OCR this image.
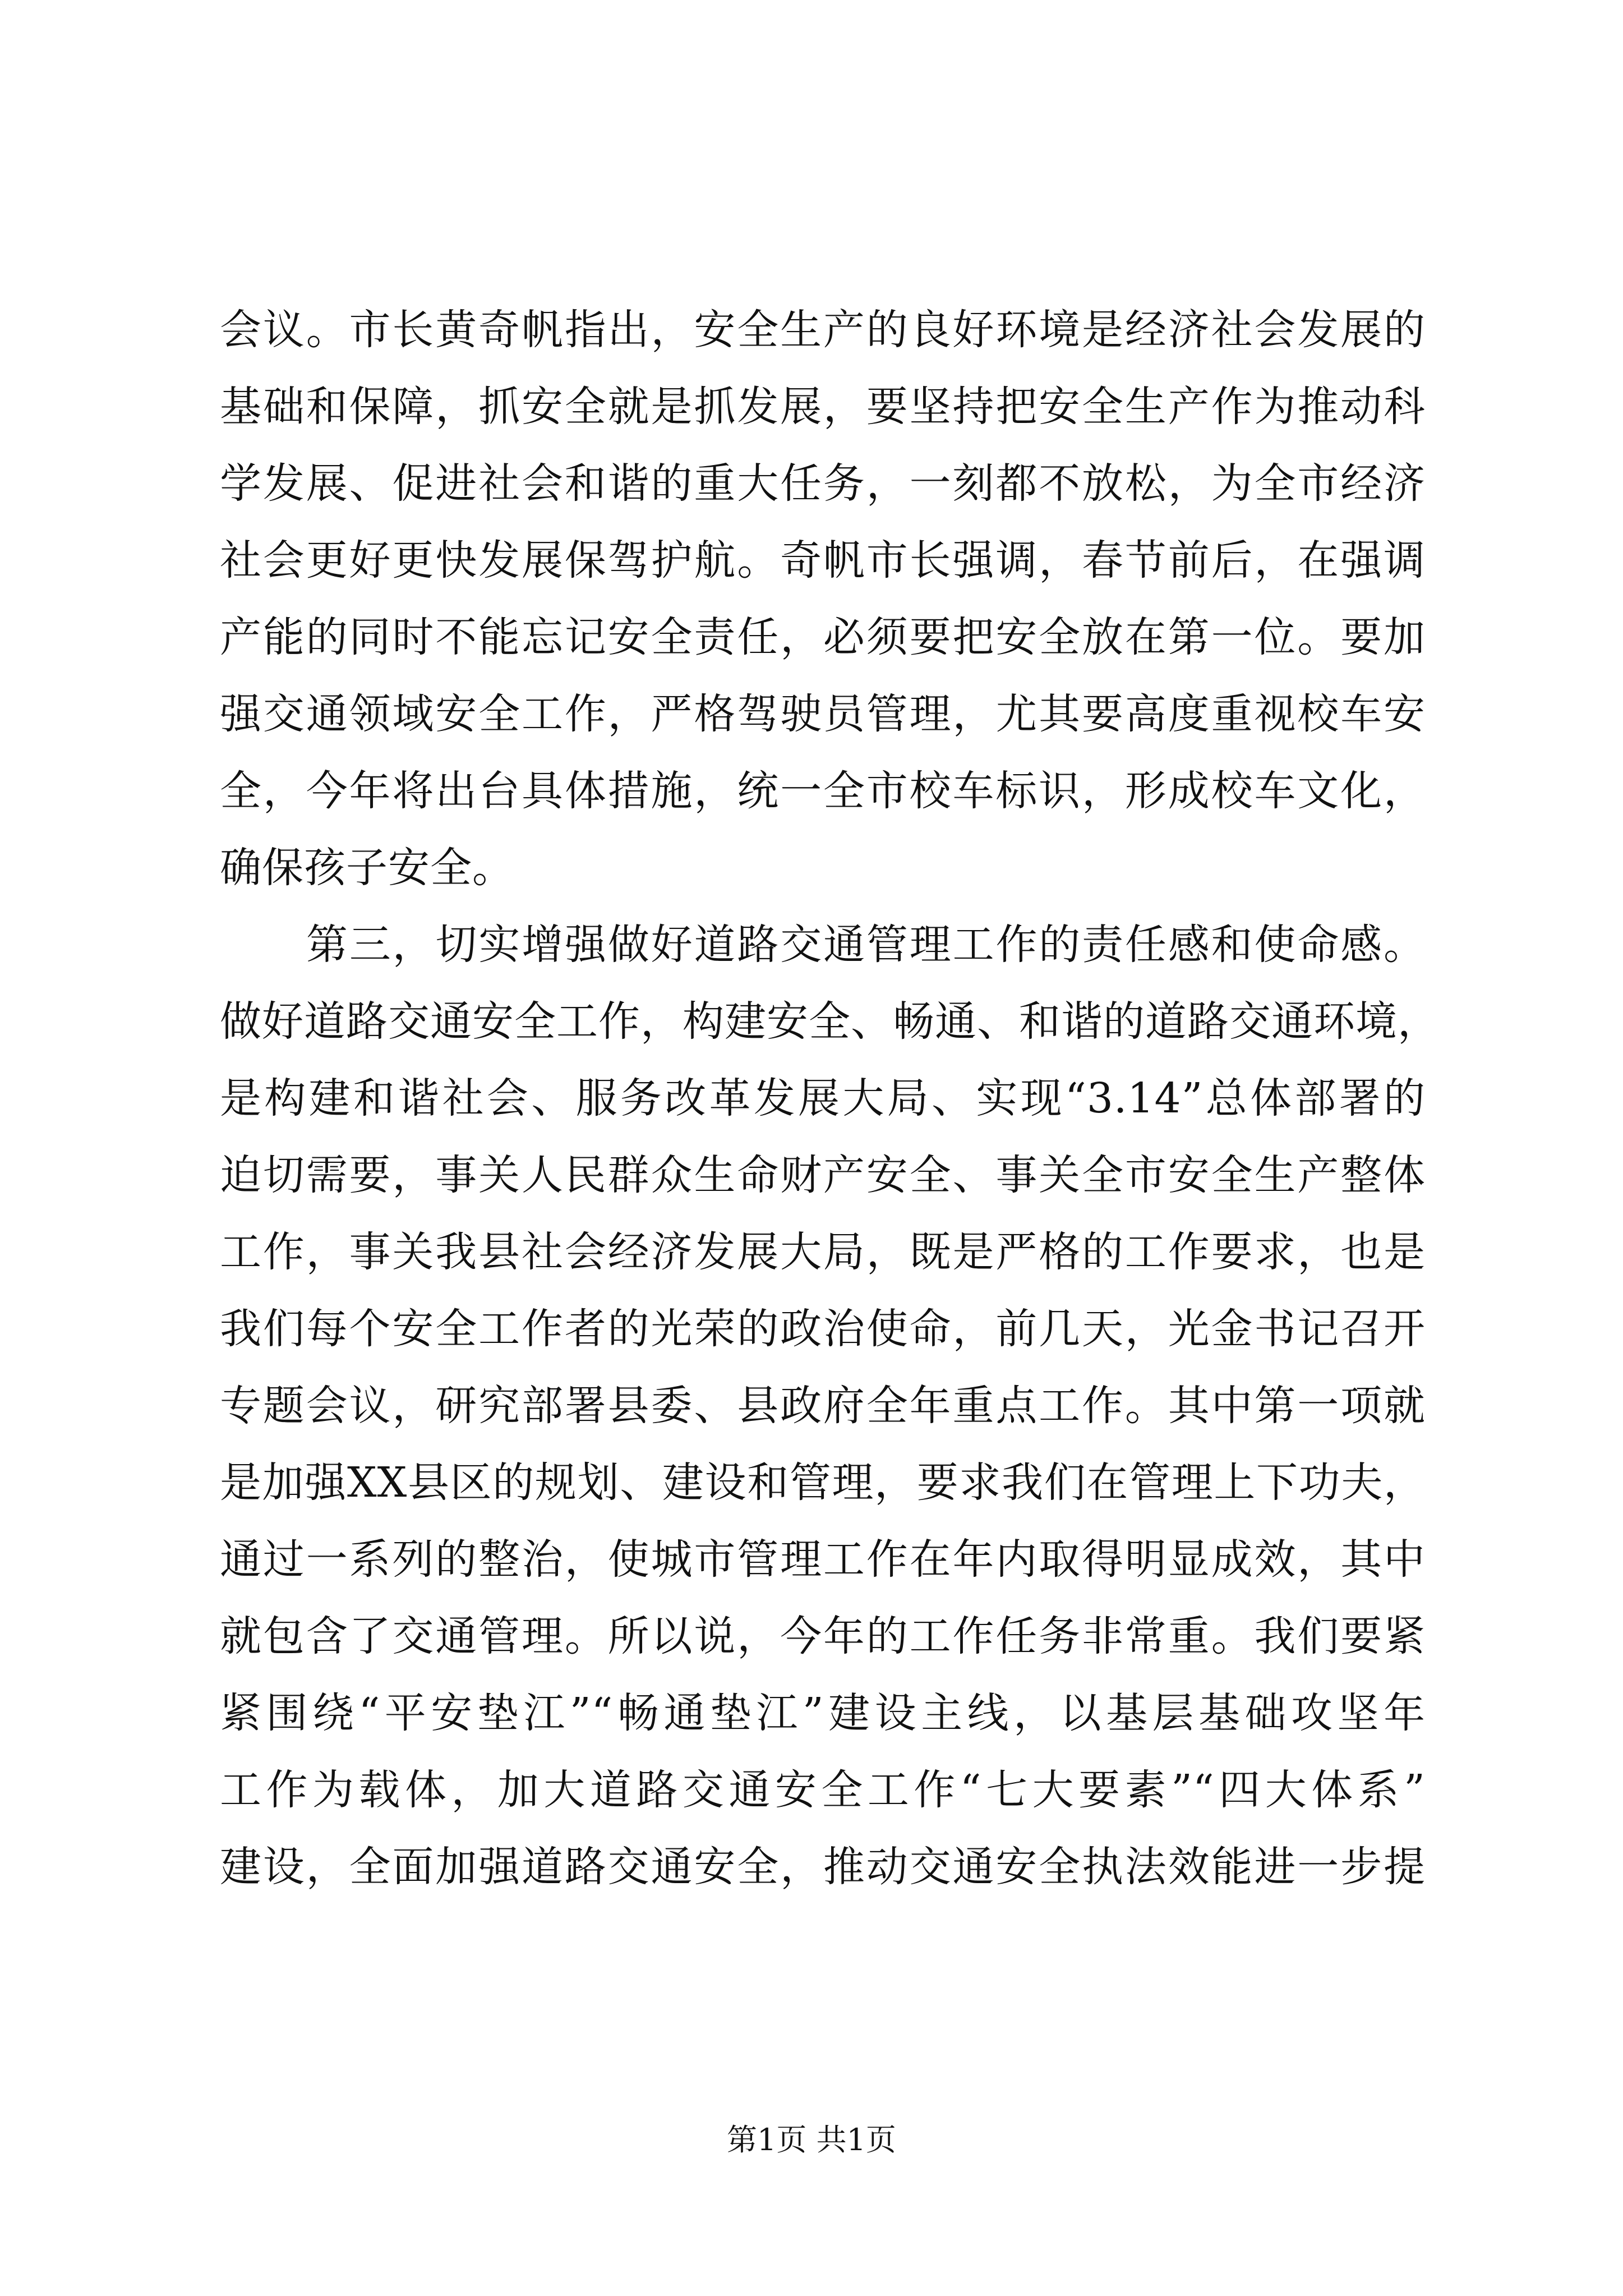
会议。市长黄奇帆指出，安全生产的良好环境是经济社会发展的
基础和保障，抓安全就是抓发展，要坚持把安全生产作为推动科
学发展、促进社会和谐的重大任务，一刻都不放松，为全市经济
社会更好更快发展保驾护航。奇帆市长强调，春节前后，在强调
产能的同时不能忘记安全责任，必须要把安全放在第一位。要加
强交通领域安全工作，严格驾驶员管理，尤其要高度重视校车安
全，今年将出台具体措施，统一全市校车标识，形成校车文化，
确保孩子安全。
第三，切实增强做好道路交通管理工作的责任感和使命感。
做好道路交通安全工作，构建安全、畅通、和谐的道路交通环境，
是构建和谐社会、服务改革发展大局、实现“3.14”总体部署的
迫切需要，事关人民群众生命财产安全、事关全市安全生产整体
工作，事关我县社会经济发展大局，既是严格的工作要求，也是
我们每个安全工作者的光荣的政治使命，前几天，光金书记召开
专题会议，研究部署县委、县政府全年重点工作。其中第一项就
是加强XX县区的规划、建设和管理，要求我们在管理上下功夫，
通过一系列的整治，使城市管理工作在年内取得明显成效，其中
就包含了交通管理。所以说，今年的工作任务非常重。我们要紧
紧围绕“平安垫江”“畅通垫江”建设主线，以基层基础攻坚年
工作为载体，加大道路交通安全工作“七大要素”“四大体系”
建设，全面加强道路交通安全，推动交通安全执法效能进一步提
第1页 共1页
